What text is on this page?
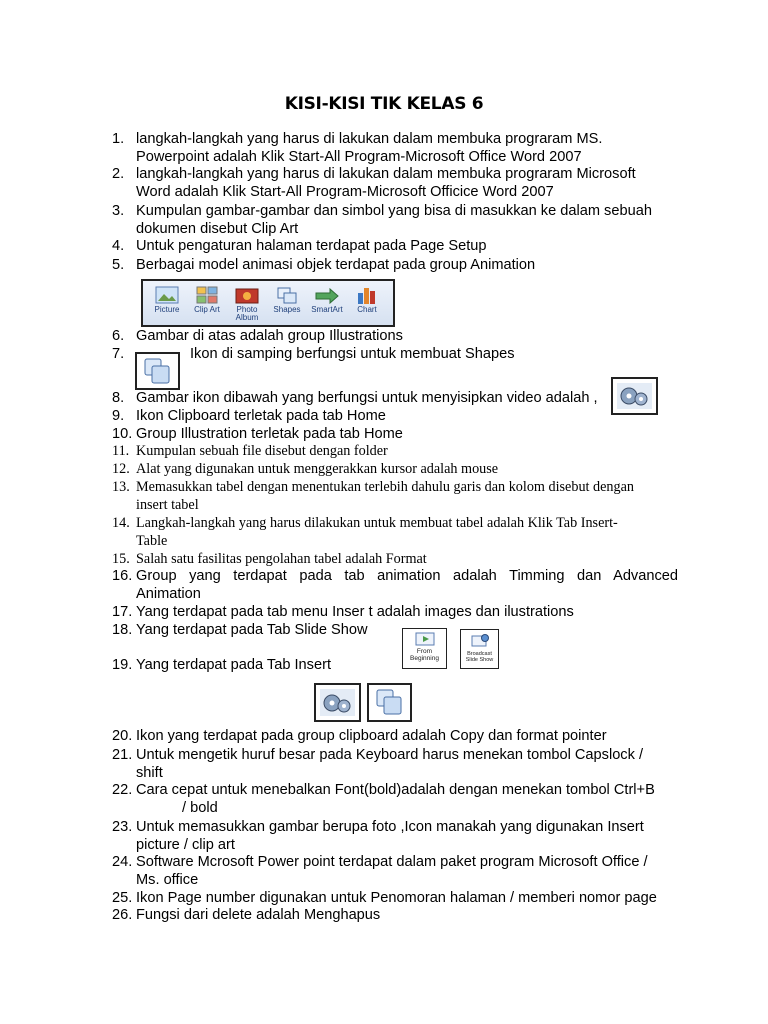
KISI-KISI TIK KELAS 6
1. langkah-langkah yang harus di lakukan dalam membuka prograram MS.
Powerpoint adalah Klik Start-All Program-Microsoft Office Word 2007
2. langkah-langkah yang harus di lakukan dalam membuka prograram Microsoft
Word adalah Klik Start-All Program-Microsoft Officice Word 2007
3. Kumpulan gambar-gambar dan simbol yang bisa di masukkan ke dalam sebuah
dokumen disebut Clip Art
4. Untuk pengaturan halaman terdapat pada Page Setup
5. Berbagai model animasi objek terdapat pada group Animation
Picture	Clip Art	Photo Album
Shapes	SmartArt	Chart
6. Gambar di atas adalah group Illustrations
7.	Ikon di samping berfungsi untuk membuat Shapes
8. Gambar ikon dibawah yang berfungsi untuk menyisipkan video adalah ,
9. Ikon Clipboard terletak pada tab Home
10. Group Illustration terletak pada tab Home
11. Kumpulan sebuah file disebut dengan folder
12. Alat yang digunakan untuk menggerakkan kursor adalah mouse
13. Memasukkan tabel dengan menentukan terlebih dahulu garis dan kolom disebut dengan
insert tabel
14. Langkah-langkah yang harus dilakukan untuk membuat tabel adalah Klik Tab Insert-
Table
15. Salah satu fasilitas pengolahan tabel adalah Format
16. Group yang terdapat pada tab animation adalah Timming dan Advanced
Animation
17. Yang terdapat pada tab menu Inser t adalah images dan ilustrations
18. Yang terdapat pada Tab Slide Show
19. Yang terdapat pada Tab Insert
From Beginning
Broadcast Slide Show
20. Ikon yang terdapat pada group clipboard adalah Copy dan format pointer
21. Untuk mengetik huruf besar pada Keyboard harus menekan tombol Capslock /
shift
22. Cara cepat untuk menebalkan Font(bold)adalah dengan menekan tombol Ctrl+B
/ bold
23. Untuk memasukkan gambar berupa foto ,Icon manakah yang digunakan Insert
picture / clip art
24. Software Mcrosoft Power point terdapat dalam paket program Microsoft Office /
Ms. office
25. Ikon Page number digunakan untuk Penomoran halaman / memberi nomor page
26. Fungsi dari delete adalah Menghapus
